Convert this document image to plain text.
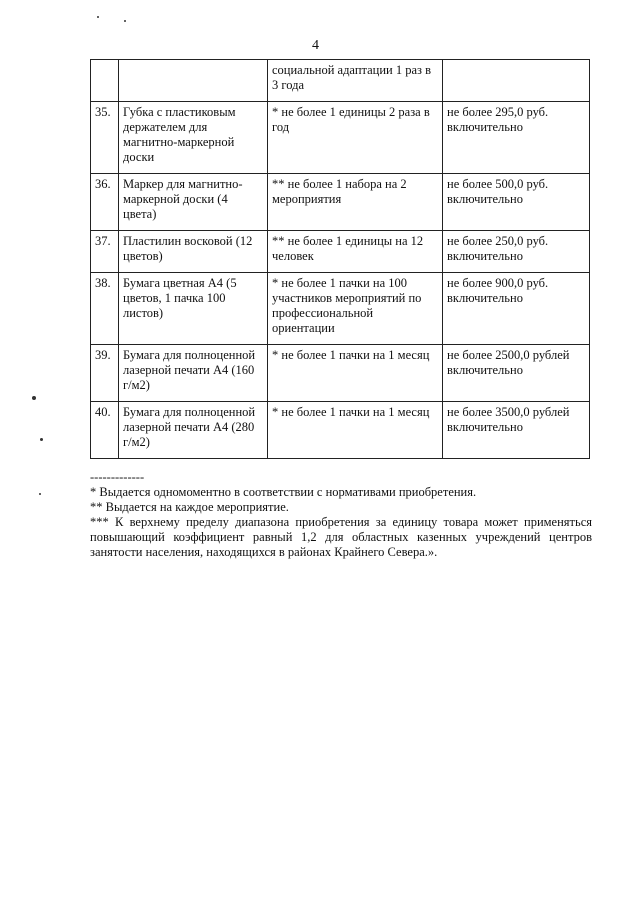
4
		социальной адаптации 1 раз в 3 года	
35.	Губка с пластиковым держателем для магнитно-маркерной доски	* не более 1 единицы 2 раза в год	не более 295,0 руб. включительно
36.	Маркер для магнитно-маркерной доски (4 цвета)	** не более 1 набора на 2 мероприятия	не более 500,0 руб. включительно
37.	Пластилин восковой (12 цветов)	** не более 1 единицы на 12 человек	не более 250,0 руб. включительно
38.	Бумага цветная А4 (5 цветов, 1 пачка 100 листов)	* не более 1 пачки на 100 участников мероприятий по профессиональной ориентации	не более 900,0 руб. включительно
39.	Бумага для полноценной лазерной печати А4 (160 г/м2)	* не более 1 пачки на 1 месяц	не более 2500,0 рублей включительно
40.	Бумага для полноценной лазерной печати А4 (280 г/м2)	* не более 1 пачки на 1 месяц	не более 3500,0 рублей включительно
-------------
* Выдается одномоментно в соответствии с нормативами приобретения.
** Выдается на каждое мероприятие.
*** К верхнему пределу диапазона приобретения за единицу товара может применяться повышающий коэффициент равный 1,2 для областных казенных учреждений центров занятости населения, находящихся в районах Крайнего Севера.».
